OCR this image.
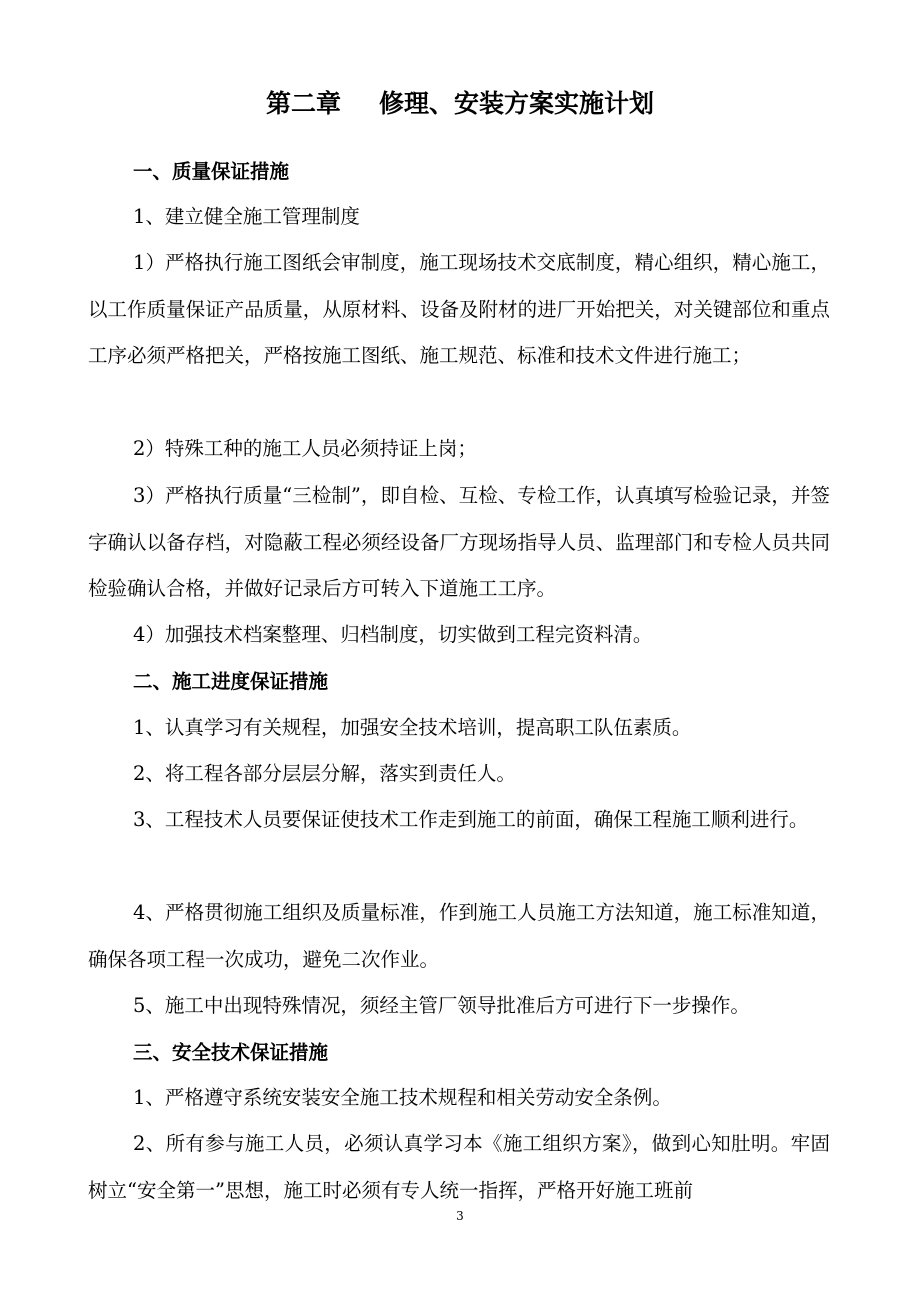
第二章 修理、安装方案实施计划
一、质量保证措施

1、建立健全施工管理制度

1）严格执行施工图纸会审制度，施工现场技术交底制度，精心组织，精心施工，以工作质量保证产品质量，从原材料、设备及附材的进厂开始把关，对关键部位和重点工序必须严格把关，严格按施工图纸、施工规范、标准和技术文件进行施工；

2）特殊工种的施工人员必须持证上岗；

3）严格执行质量“三检制”，即自检、互检、专检工作，认真填写检验记录，并签字确认以备存档，对隐蔽工程必须经设备厂方现场指导人员、监理部门和专检人员共同检验确认合格，并做好记录后方可转入下道施工工序。

4）加强技术档案整理、归档制度，切实做到工程完资料清。

二、施工进度保证措施

1、认真学习有关规程，加强安全技术培训，提高职工队伍素质。

2、将工程各部分层层分解，落实到责任人。

3、工程技术人员要保证使技术工作走到施工的前面，确保工程施工顺利进行。

4、严格贯彻施工组织及质量标准，作到施工人员施工方法知道，施工标准知道，确保各项工程一次成功，避免二次作业。

5、施工中出现特殊情况，须经主管厂领导批准后方可进行下一步操作。

三、安全技术保证措施

1、严格遵守系统安装安全施工技术规程和相关劳动安全条例。

2、所有参与施工人员，必须认真学习本《施工组织方案》，做到心知肚明。牢固树立“安全第一”思想，施工时必须有专人统一指挥，严格开好施工班前

3
